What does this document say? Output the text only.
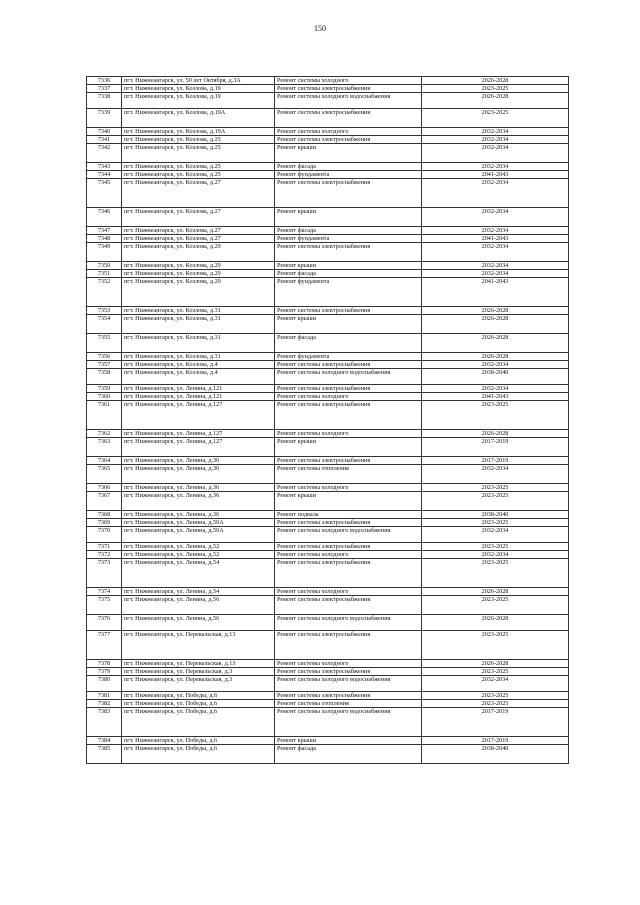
150
7336	пгт. Нижнеангарск, ул. 50 лет Октября, д.3А	Ремонт системы холодного	2026-2028
7337	пгт. Нижнеангарск, ул. Козлова, д.19	Ремонт системы электроснабжения	2023-2025
7338	пгт. Нижнеангарск, ул. Козлова, д.19	Ремонт системы холодного водоснабжения	2026-2028
7339	пгт. Нижнеангарск, ул. Козлова, д.19А	Ремонт системы электроснабжения	2023-2025
7340	пгт. Нижнеангарск, ул. Козлова, д.19А	Ремонт системы холодного	2032-2034
7341	пгт. Нижнеангарск, ул. Козлова, д.25	Ремонт системы электроснабжения	2032-2034
7342	пгт. Нижнеангарск, ул. Козлова, д.25	Ремонт крыши	2032-2034
7343	пгт. Нижнеангарск, ул. Козлова, д.25	Ремонт фасада	2032-2034
7344	пгт. Нижнеангарск, ул. Козлова, д.25	Ремонт фундамента	2041-2043
7345	пгт. Нижнеангарск, ул. Козлова, д.27	Ремонт системы электроснабжения	2032-2034
7346	пгт. Нижнеангарск, ул. Козлова, д.27	Ремонт крыши	2032-2034
7347	пгт. Нижнеангарск, ул. Козлова, д.27	Ремонт фасада	2032-2034
7348	пгт. Нижнеангарск, ул. Козлова, д.27	Ремонт фундамента	2041-2043
7349	пгт. Нижнеангарск, ул. Козлова, д.29	Ремонт системы электроснабжения	2032-2034
7350	пгт. Нижнеангарск, ул. Козлова, д.29	Ремонт крыши	2032-2034
7351	пгт. Нижнеангарск, ул. Козлова, д.29	Ремонт фасада	2032-2034
7352	пгт. Нижнеангарск, ул. Козлова, д.29	Ремонт фундамента	2041-2043
7353	пгт. Нижнеангарск, ул. Козлова, д.31	Ремонт системы электроснабжения	2026-2028
7354	пгт. Нижнеангарск, ул. Козлова, д.31	Ремонт крыши	2026-2028
7355	пгт. Нижнеангарск, ул. Козлова, д.31	Ремонт фасада	2026-2028
7356	пгт. Нижнеангарск, ул. Козлова, д.31	Ремонт фундамента	2026-2028
7357	пгт. Нижнеангарск, ул. Козлова, д.4	Ремонт системы электроснабжения	2032-2034
7358	пгт. Нижнеангарск, ул. Козлова, д.4	Ремонт системы холодного водоснабжения	2038-2040
7359	пгт. Нижнеангарск, ул. Ленина, д.121	Ремонт системы электроснабжения	2032-2034
7360	пгт. Нижнеангарск, ул. Ленина, д.121	Ремонт системы холодного	2041-2043
7361	пгт. Нижнеангарск, ул. Ленина, д.127	Ремонт системы электроснабжения	2023-2025
7362	пгт. Нижнеангарск, ул. Ленина, д.127	Ремонт системы холодного	2026-2028
7363	пгт. Нижнеангарск, ул. Ленина, д.127	Ремонт крыши	2017-2019
7364	пгт. Нижнеангарск, ул. Ленина, д.36	Ремонт системы электроснабжения	2017-2019
7365	пгт. Нижнеангарск, ул. Ленина, д.36	Ремонт системы отопления	2032-2034
7366	пгт. Нижнеангарск, ул. Ленина, д.36	Ремонт системы холодного	2023-2025
7367	пгт. Нижнеангарск, ул. Ленина, д.36	Ремонт крыши	2023-2025
7368	пгт. Нижнеангарск, ул. Ленина, д.36	Ремонт подвала	2038-2040
7369	пгт. Нижнеангарск, ул. Ленина, д.50А	Ремонт системы электроснабжения	2023-2025
7370	пгт. Нижнеангарск, ул. Ленина, д.50А	Ремонт системы холодного водоснабжения	2032-2034
7371	пгт. Нижнеангарск, ул. Ленина, д.52	Ремонт системы электроснабжения	2023-2025
7372	пгт. Нижнеангарск, ул. Ленина, д.52	Ремонт системы холодного	2032-2034
7373	пгт. Нижнеангарск, ул. Ленина, д.54	Ремонт системы электроснабжения	2023-2025
7374	пгт. Нижнеангарск, ул. Ленина, д.54	Ремонт системы холодного	2026-2028
7375	пгт. Нижнеангарск, ул. Ленина, д.56	Ремонт системы электроснабжения	2023-2025
7376	пгт. Нижнеангарск, ул. Ленина, д.56	Ремонт системы холодного водоснабжения	2026-2028
7377	пгт. Нижнеангарск, ул. Перевальская, д.13	Ремонт системы электроснабжения	2023-2025
7378	пгт. Нижнеангарск, ул. Перевальская, д.13	Ремонт системы холодного	2026-2028
7379	пгт. Нижнеангарск, ул. Перевальская, д.3	Ремонт системы электроснабжения	2023-2025
7380	пгт. Нижнеангарск, ул. Перевальская, д.3	Ремонт системы холодного водоснабжения	2032-2034
7381	пгт. Нижнеангарск, ул. Победы, д.6	Ремонт системы электроснабжения	2023-2025
7382	пгт. Нижнеангарск, ул. Победы, д.6	Ремонт системы отопления	2023-2025
7383	пгт. Нижнеангарск, ул. Победы, д.6	Ремонт системы холодного водоснабжения	2017-2019
7384	пгт. Нижнеангарск, ул. Победы, д.6	Ремонт крыши	2017-2019
7385	пгт. Нижнеангарск, ул. Победы, д.6	Ремонт фасада	2038-2040
